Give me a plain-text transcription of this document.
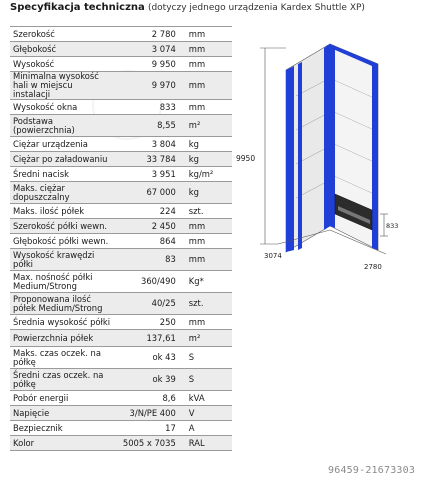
Specyfikacja techniczna (dotyczy jednego urządzenia Kardex Shuttle XP)
Szerokość	2 780	mm
Głębokość	3 074	mm
Wysokość	9 950	mm
Minimalna wysokość hali w miejscu instalacji	9 970	mm
Wysokość okna	833	mm
Podstawa (powierzchnia)	8,55	m²
Ciężar urządzenia	3 804	kg
Ciężar po załadowaniu	33 784	kg
Średni nacisk	3 951	kg/m²
Maks. ciężar dopuszczalny	67 000	kg
Maks. ilość półek	224	szt.
Szerokość półki wewn.	2 450	mm
Głębokość półki wewn.	864	mm
Wysokość krawędzi półki	83	mm
Max. nośność półki Medium/Strong	360/490	Kg*
Proponowana ilość półek Medium/Strong	40/25	szt.
Średnia wysokość półki	250	mm
Powierzchnia półek	137,61	m²
Maks. czas oczek. na półkę	ok 43	S
Średni czas oczek. na półkę	ok 39	S
Pobór energii	8,6	kVA
Napięcie	3/N/PE 400	V
Bezpiecznik	17	A
Kolor	5005 x 7035	RAL
9950
833
3074
2780
96459-21673303
